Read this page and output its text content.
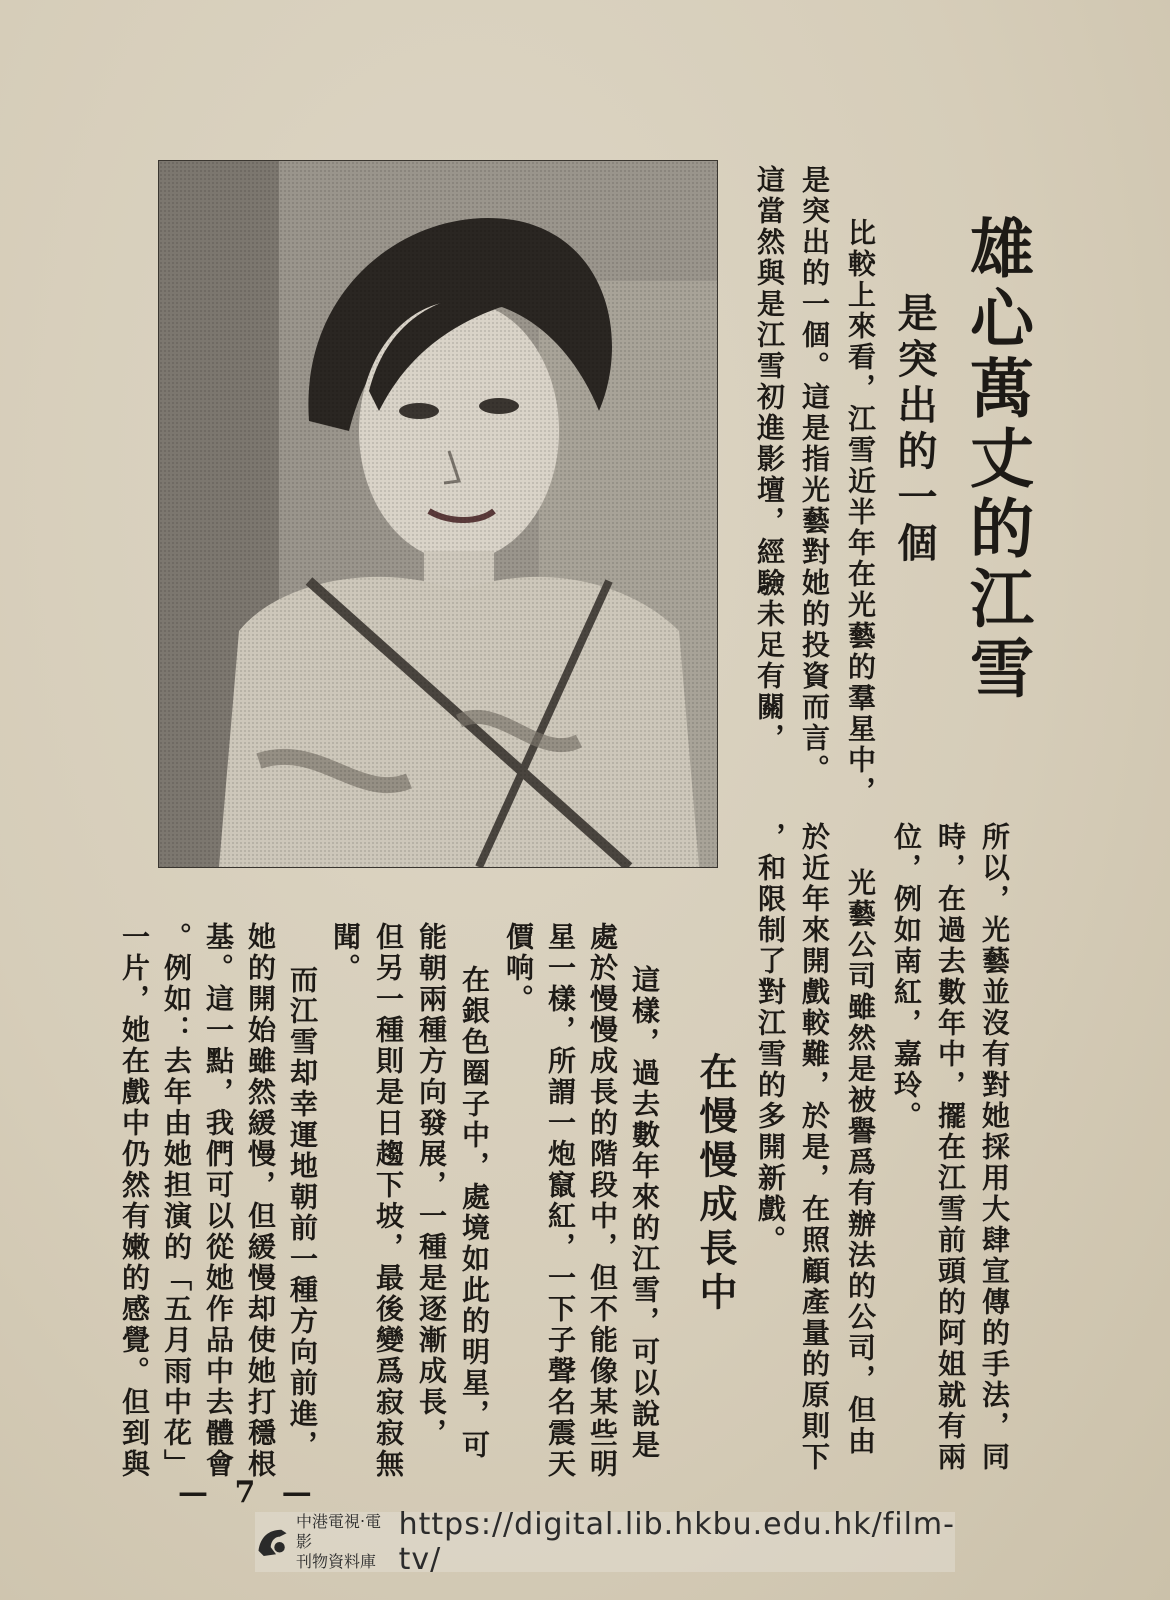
雄心萬丈的江雪
是突出的一個
比較上來看，江雪近半年在光藝的羣星中，
是突出的一個。這是指光藝對她的投資而言。
這當然與是江雪初進影壇，經驗未足有關，
所以，光藝並沒有對她採用大肆宣傳的手法，同
時，在過去數年中，擺在江雪前頭的阿姐就有兩
位，例如南紅，嘉玲。
光藝公司雖然是被譽爲有辦法的公司，但由
於近年來開戲較難，於是，在照顧產量的原則下
，和限制了對江雪的多開新戲。
在慢慢成長中
這樣，過去數年來的江雪，可以說是
處於慢慢成長的階段中，但不能像某些明
星一樣，所謂一炮竄紅，一下子聲名震天
價响。
在銀色圈子中，處境如此的明星，可
能朝兩種方向發展，一種是逐漸成長，
但另一種則是日趨下坡，最後變爲寂寂無
聞。
而江雪却幸運地朝前一種方向前進，
她的開始雖然緩慢，但緩慢却使她打穩根
基。這一點，我們可以從她作品中去體會
。例如：去年由她担演的「五月雨中花」
一片，她在戲中仍然有嫩的感覺。但到與
— 7 —
中港電視‧電影
刊物資料庫
https://digital.lib.hkbu.edu.hk/film-tv/
